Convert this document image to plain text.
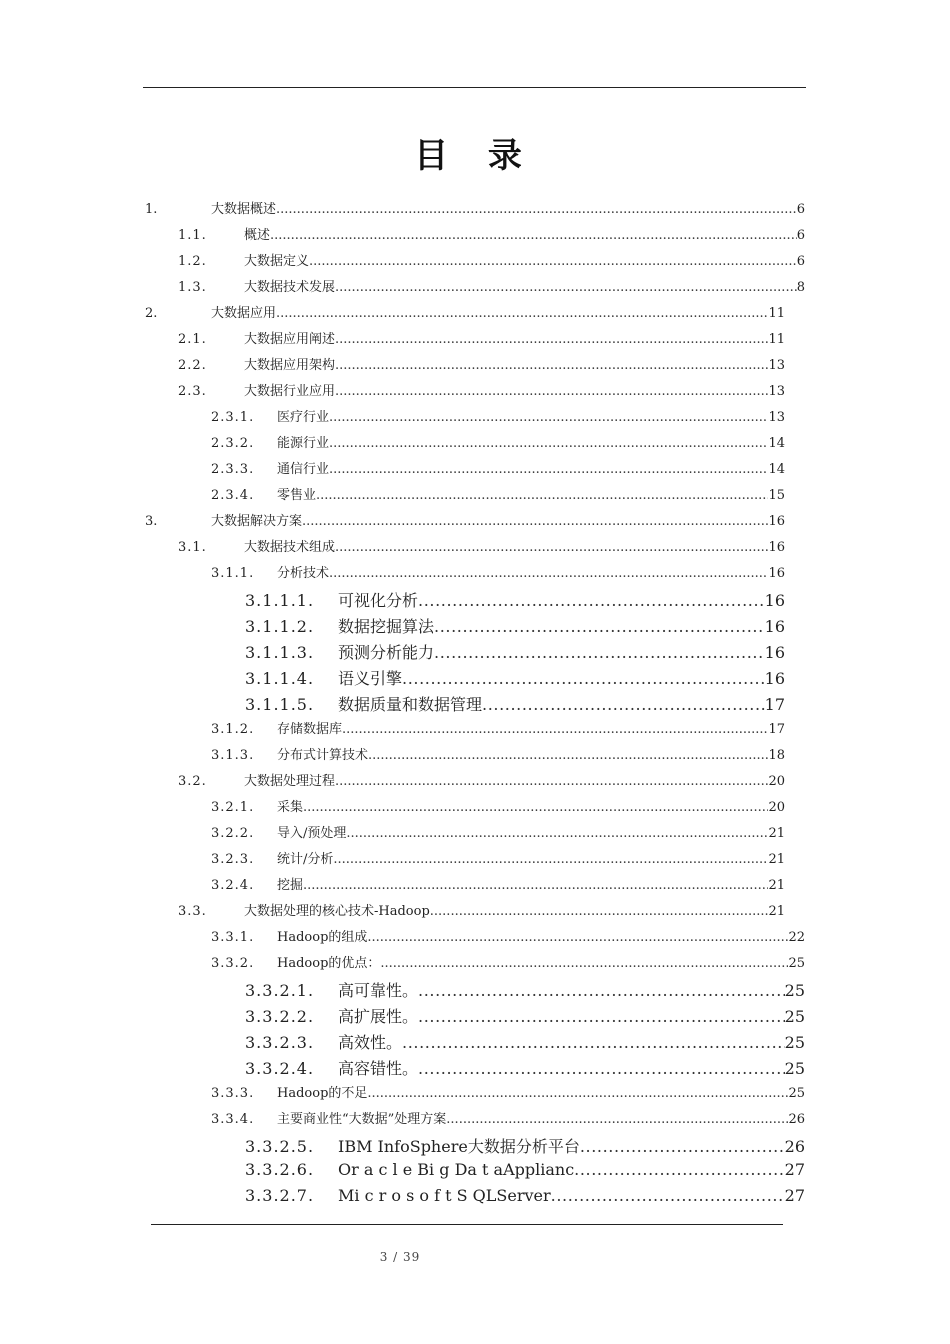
目 录
1.	大数据概述 .....	6
1.1.	概述 .....	6
1.2.	大数据定义 .....	6
1.3.	大数据技术发展 .....	8
2.	大数据应用 .....	11
2.1.	大数据应用阐述 .....	11
2.2.	大数据应用架构 .....	13
2.3.	大数据行业应用 .....	13
2.3.1.	医疗行业 .....	13
2.3.2.	能源行业 .....	14
2.3.3.	通信行业 .....	14
2.3.4.	零售业 .....	15
3.	大数据解决方案 .....	16
3.1.	大数据技术组成 .....	16
3.1.1.	分析技术 .....	16
3.1.1.1.	可视化分析 .....	16
3.1.1.2.	数据挖掘算法 .....	16
3.1.1.3.	预测分析能力 .....	16
3.1.1.4.	语义引擎 .....	16
3.1.1.5.	数据质量和数据管理 .....	17
3.1.2.	存储数据库 .....	17
3.1.3.	分布式计算技术 .....	18
3.2.	大数据处理过程 .....	20
3.2.1.	采集 .....	20
3.2.2.	导入/预处理 .....	21
3.2.3.	统计/分析 .....	21
3.2.4.	挖掘 .....	21
3.3.	大数据处理的核心技术-Hadoop .....	21
3.3.1.	Hadoop的组成 .....	22
3.3.2.	Hadoop的优点： .....	25
3.3.2.1.	高可靠性。 .....	25
3.3.2.2.	高扩展性。 .....	25
3.3.2.3.	高效性。 .....	25
3.3.2.4.	高容错性。 .....	25
3.3.3.	Hadoop的不足 .....	25
3.3.4.	主要商业性“大数据”处理方案 .....	26
3.3.2.5.	IBM InfoSphere大数据分析平台 .....	26
3.3.2.6.	Or a c l e Bi g Da t aApplianc .....	27
3.3.2.7.	Mi c r o s o f t S QLServer .....	27
3 / 39
